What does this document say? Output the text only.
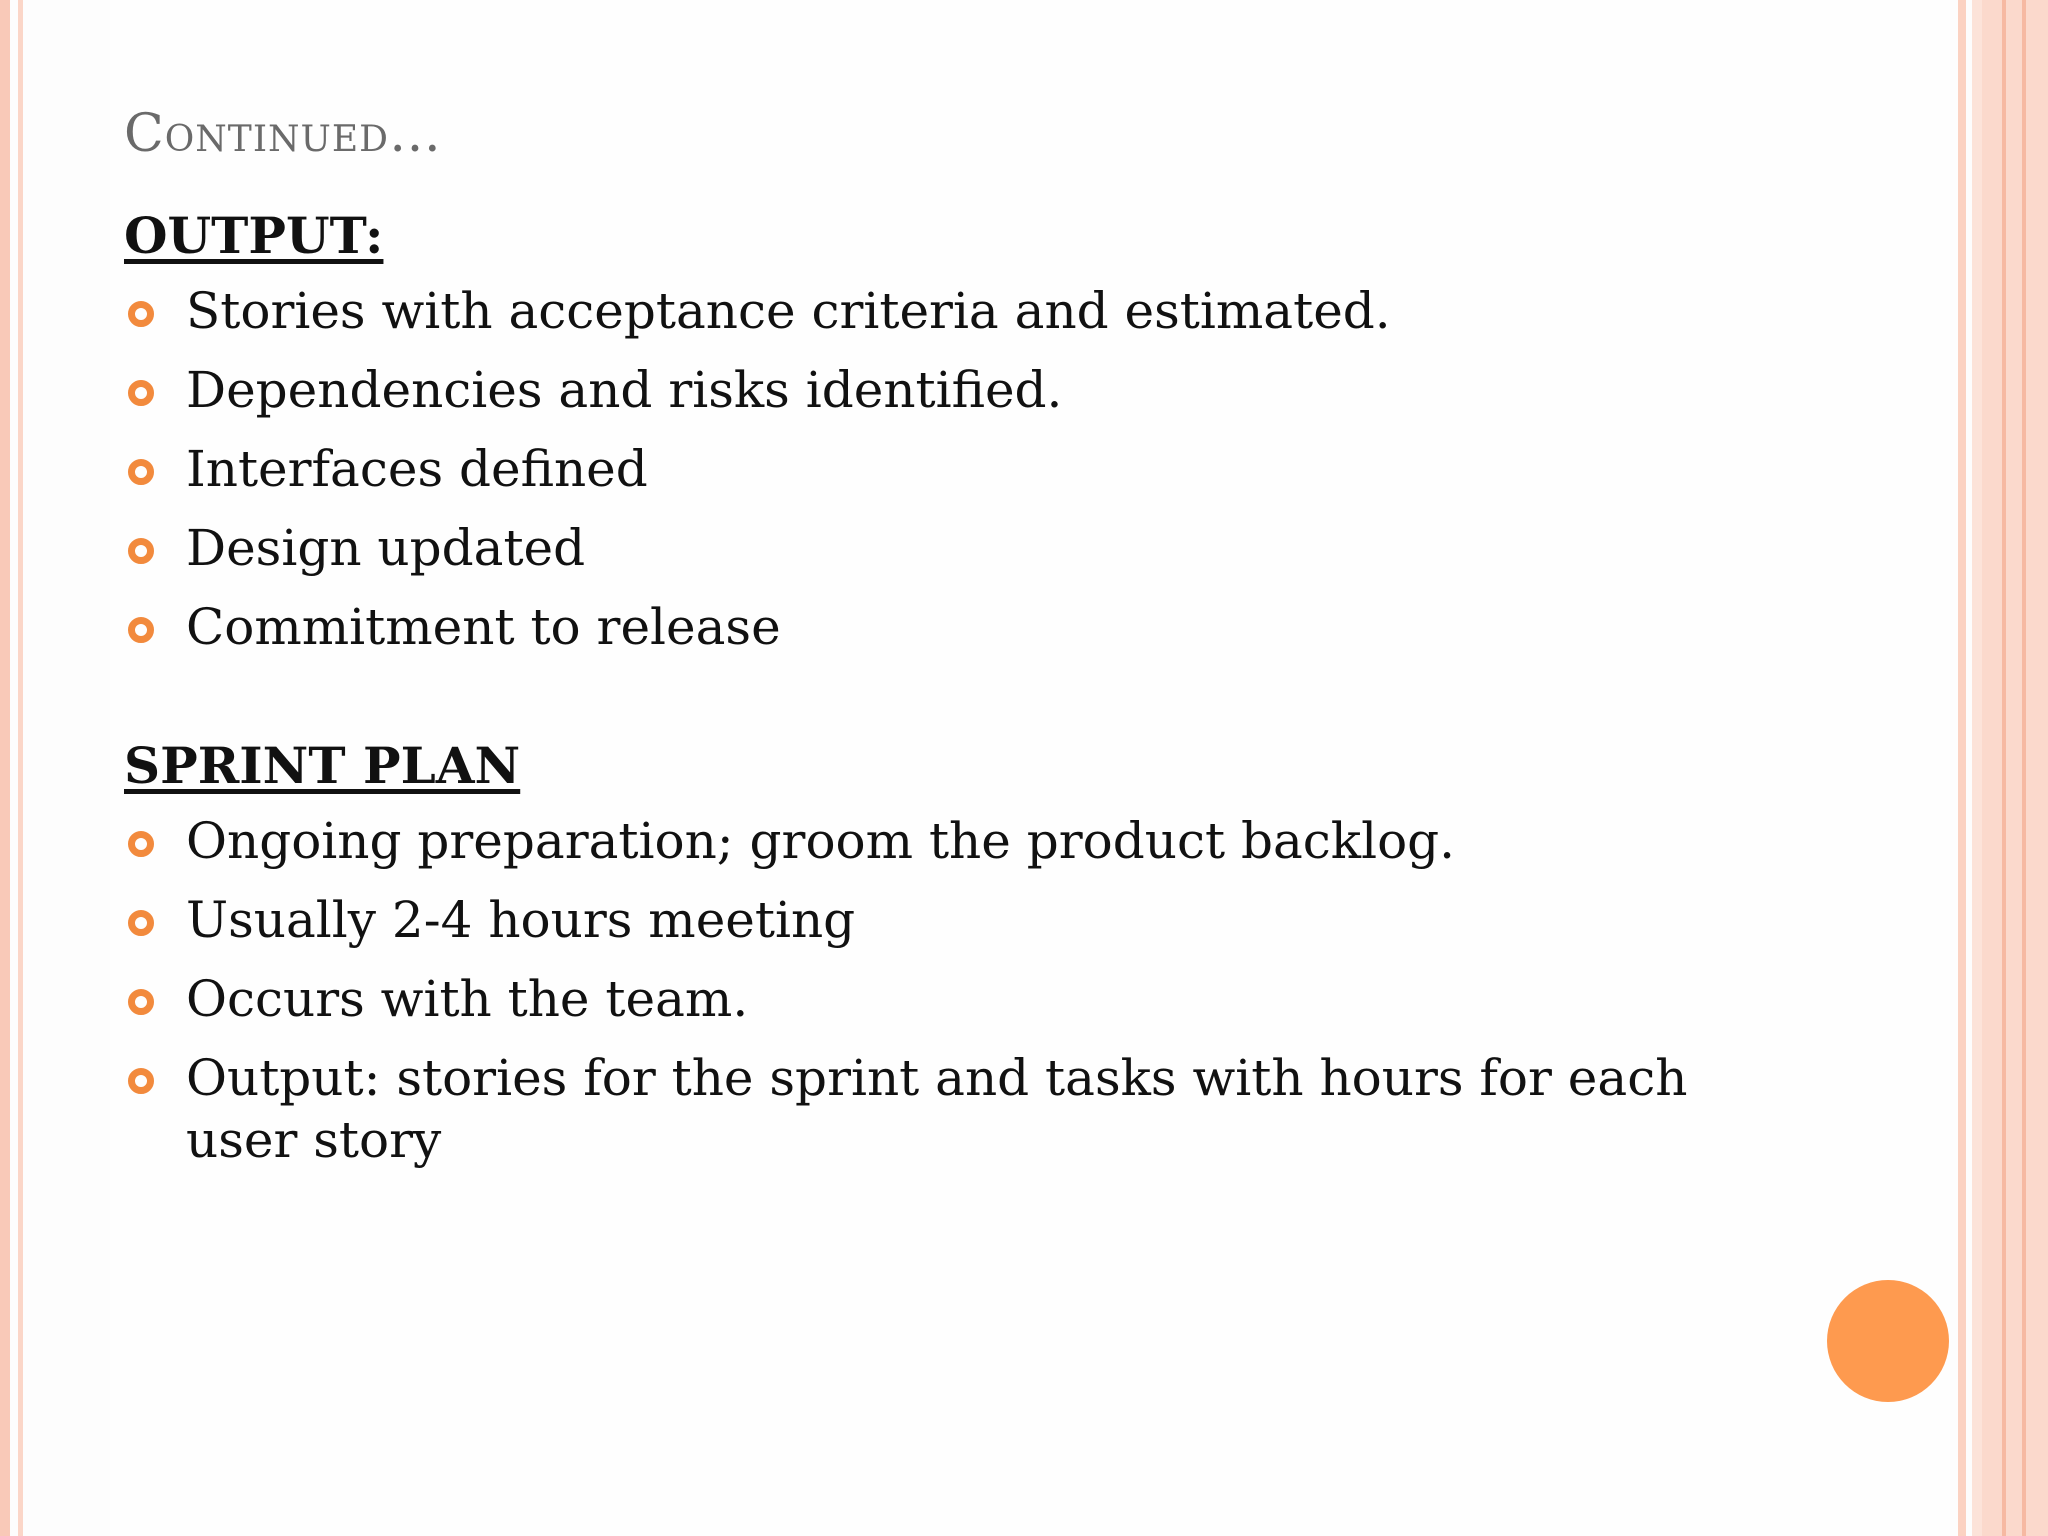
Continued…
OUTPUT:
Stories with acceptance criteria and estimated.
Dependencies and risks identified.
Interfaces defined
Design updated
Commitment to release
SPRINT PLAN
Ongoing preparation; groom the product backlog.
Usually 2-4 hours meeting
Occurs with the team.
Output: stories for the sprint and tasks with hours for each user story
